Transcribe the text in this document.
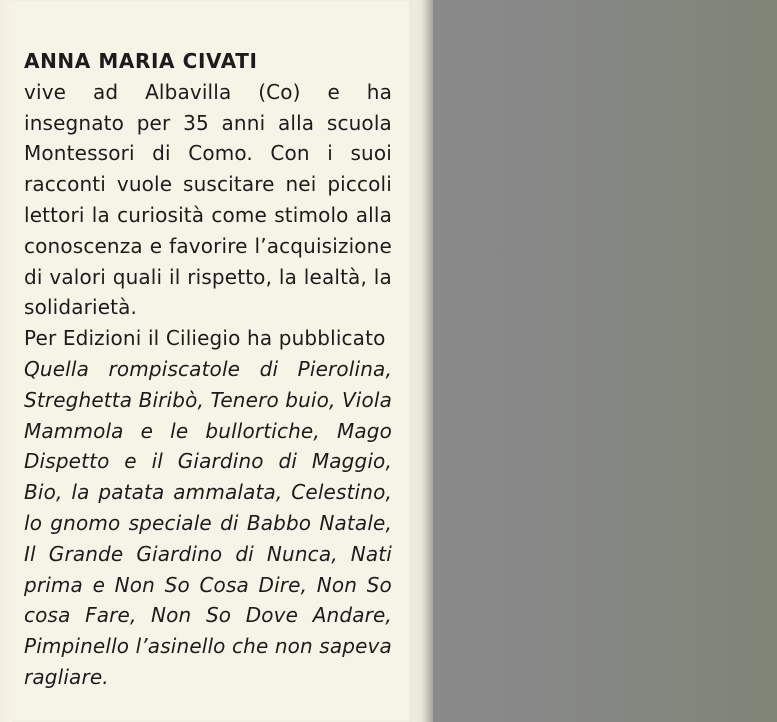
ANNA MARIA CIVATI
vive ad Albavilla (Co) e ha
insegnato per 35 anni alla scuola
Montessori di Como. Con i suoi
racconti vuole suscitare nei piccoli
lettori la curiosità come stimolo alla
conoscenza e favorire l’acquisizione
di valori quali il rispetto, la lealtà, la
solidarietà.
Per Edizioni il Ciliegio ha pubblicato
Quella rompiscatole di Pierolina,
Streghetta Biribò, Tenero buio, Viola
Mammola e le bullortiche, Mago
Dispetto e il Giardino di Maggio,
Bio, la patata ammalata, Celestino,
lo gnomo speciale di Babbo Natale,
Il Grande Giardino di Nunca, Nati
prima e Non So Cosa Dire, Non So
cosa Fare, Non So Dove Andare,
Pimpinello l’asinello che non sapeva
ragliare.
